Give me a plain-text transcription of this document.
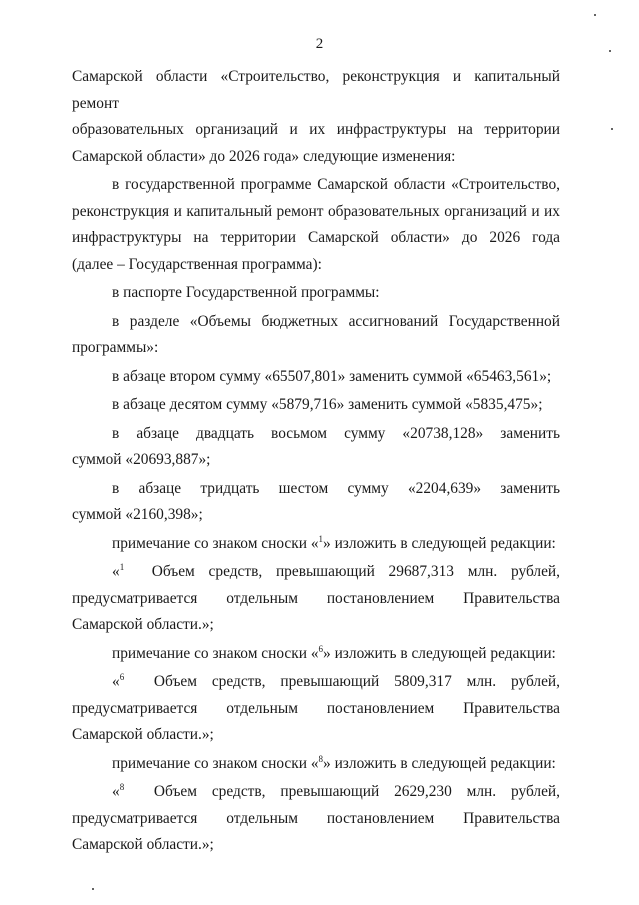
2

Самарской области «Строительство, реконструкция и капитальный ремонт
образовательных организаций и их инфраструктуры на территории
Самарской области» до 2026 года» следующие изменения:

в государственной программе Самарской области «Строительство,
реконструкция и капитальный ремонт образовательных организаций и их
инфраструктуры на территории Самарской области» до 2026 года
(далее – Государственная программа):

в паспорте Государственной программы:

в разделе «Объемы бюджетных ассигнований Государственной
программы»:

в абзаце втором сумму «65507,801» заменить суммой «65463,561»;

в абзаце десятом сумму «5879,716» заменить суммой «5835,475»;

в абзаце двадцать восьмом сумму «20738,128» заменить
суммой «20693,887»;

в абзаце тридцать шестом сумму «2204,639» заменить
суммой «2160,398»;

примечание со знаком сноски «$^1$» изложить в следующей редакции:

«$^1$ Объем средств, превышающий 29687,313 млн. рублей,
предусматривается отдельным постановлением Правительства
Самарской области.»;

примечание со знаком сноски «$^6$» изложить в следующей редакции:

«$^6$ Объем средств, превышающий 5809,317 млн. рублей,
предусматривается отдельным постановлением Правительства
Самарской области.»;

примечание со знаком сноски «$^8$» изложить в следующей редакции:

«$^8$ Объем средств, превышающий 2629,230 млн. рублей,
предусматривается отдельным постановлением Правительства
Самарской области.»;
